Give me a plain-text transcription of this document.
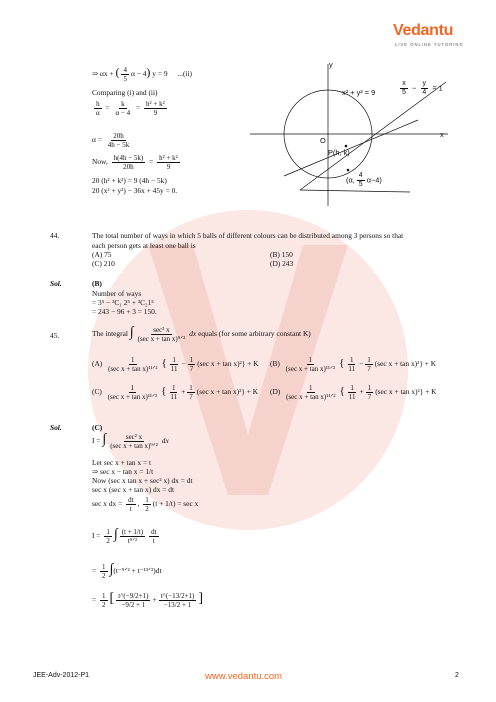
Vedantu
LIVE ONLINE TUTORING
⇒ αx + ( $\frac{4}{5}$ α − 4) y = 9 ...(ii)
Comparing (i) and (ii)
$\frac{h}{\alpha} = \frac{k}{\alpha - 4} = \frac{\text{h² + k²}}{9}$
$\alpha = \frac{20h}{4h - 5k}$
Now, $\frac{h(4h - 5k)}{20h} = \frac{\text{h² + k²}}{9}$
20 (h² + k²) = 9 (4h − 5k)
20 (x² + y²) − 36x + 45y = 0.
y
x
O
x² + y² = 9	$\frac{x}{5} - \frac{y}{4} = 1$
P(h, k)
(α, $\frac{4}{5} \alpha-4$)
44.	The total number of ways in which 5 balls of different colours can be distributed among 3 persons so that
each person gets at least one ball is
(A) 75	(B) 150
(C) 210	(D) 243
Sol.	(B)
Number of ways
= 3⁵ − ³C₁ 2⁵ + ³C₂1⁵
= 243 − 96 + 3 = 150.
45.	The integral ∫ $\frac{\text{sec² x}}{\text{(sec x + tan x)⁹ᐟ²}}$ dx equals (for some arbitrary constant K)
$(A) \frac{1}{\text{(sec x + tan x)¹¹ᐟ²}}$ { $\frac{1}{11} - \frac{1}{7} (\sec$ x + tan x)²} + K $(B) \frac{1}{\text{(sec x + tan x)¹¹ᐟ²}}$ { $\frac{1}{11} - \frac{1}{7} (\sec$ x + tan x)²} + K
$(C) \frac{1}{\text{(sec x + tan x)¹¹ᐟ²}}$ { $\frac{1}{11} + \frac{1}{7} (\sec$ x + tan x)²} + K $(D) \frac{1}{\text{(sec x + tan x)¹¹ᐟ²}}$ { $\frac{1}{11} + \frac{1}{7} (\sec$ x + tan x)²} + K
Sol.	(C)
I = ∫ $\frac{\text{sec² x}}{\text{(sec x + tan x)⁹ᐟ²}}$ dx
Let sec x + tan x = t
⇒ sec x − tan x = 1/t
Now (sec x tan x + sec² x) dx = dt
sec x (sec x + tan x) dx = dt
sec x dx = $\frac{dt}{t}$ , $\frac{1}{2} (t + 1/t) = \sec x$
$I = \frac{1}{2}$ ∫ $\frac{(t + 1/t)}{\text{t⁹ᐟ²}} \frac{dt}{t}$
= $\frac{1}{2}$ ∫(t⁻⁹ᐟ² + t⁻¹³ᐟ²)dt
= $\frac{1}{2}$ [ $\frac{t\^{}(-9/2+1)}{-9/2 + 1} + \frac{t\^{}(-13/2+1)}{-13/2 + 1}$ ]
JEE-Adv-2012-P1	www.vedantu.com	2
